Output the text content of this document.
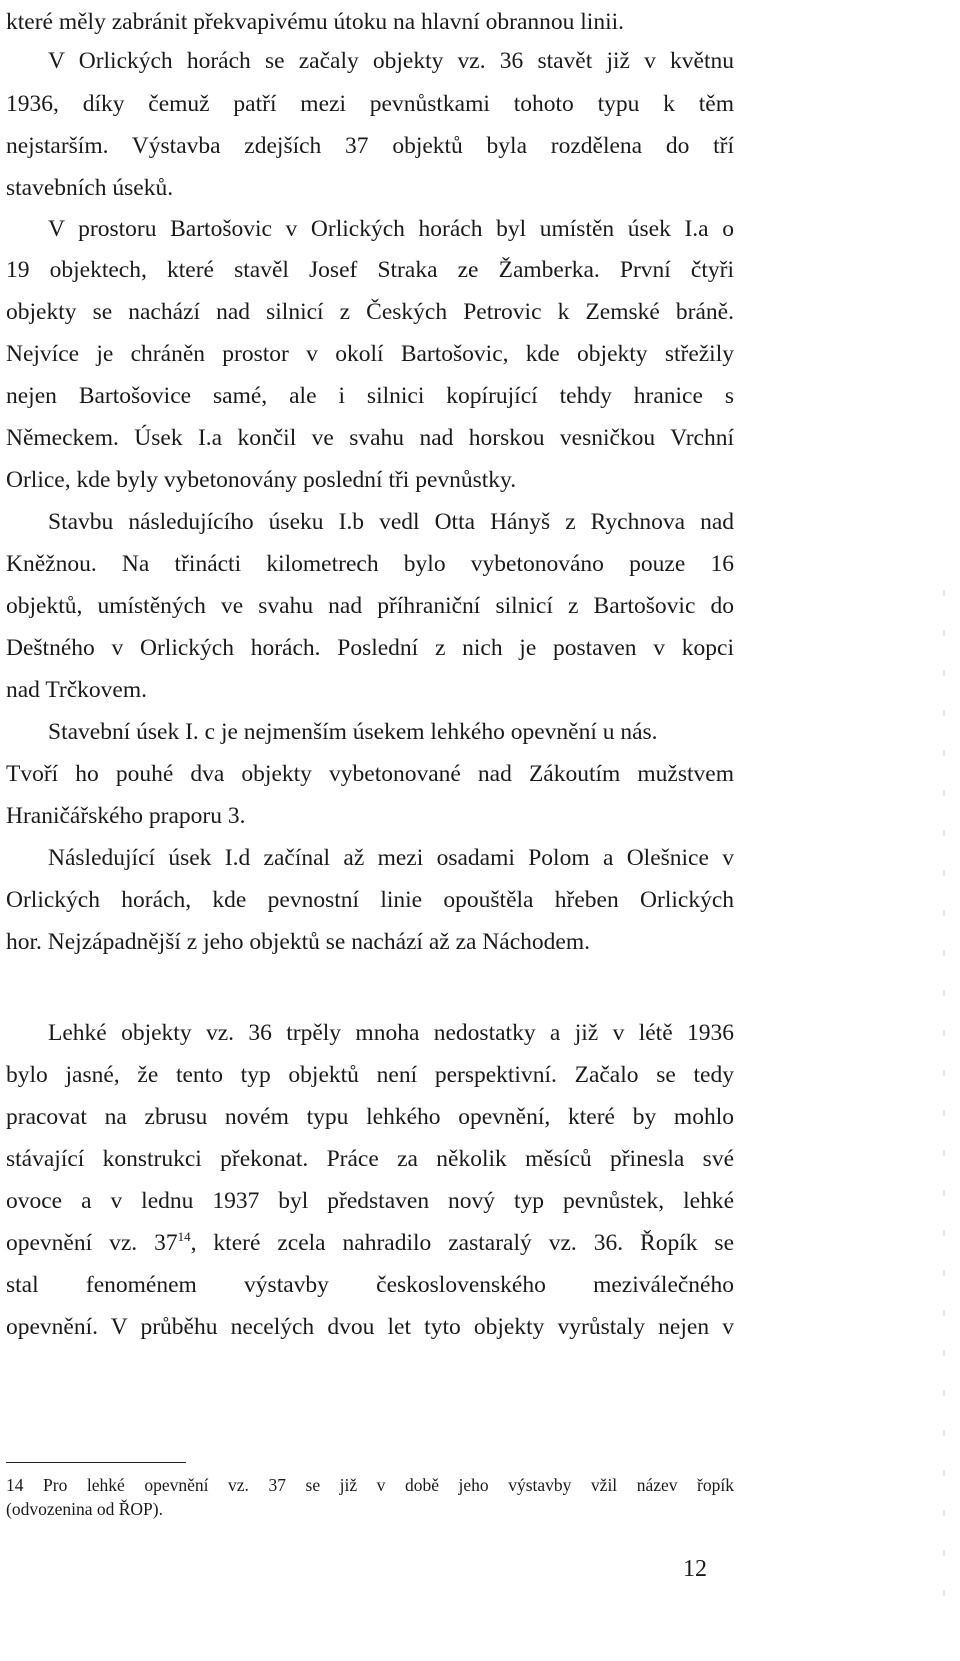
které měly zabránit překvapivému útoku na hlavní obrannou linii.

V Orlických horách se začaly objekty vz. 36 stavět již v květnu

1936, díky čemuž patří mezi pevnůstkami tohoto typu k těm

nejstarším. Výstavba zdejších 37 objektů byla rozdělena do tří

stavebních úseků.

V prostoru Bartošovic v Orlických horách byl umístěn úsek I.a o

19 objektech, které stavěl Josef Straka ze Žamberka. První čtyři

objekty se nachází nad silnicí z Českých Petrovic k Zemské bráně.

Nejvíce je chráněn prostor v okolí Bartošovic, kde objekty střežily

nejen Bartošovice samé, ale i silnici kopírující tehdy hranice s

Německem. Úsek I.a končil ve svahu nad horskou vesničkou Vrchní

Orlice, kde byly vybetonovány poslední tři pevnůstky.

Stavbu následujícího úseku I.b vedl Otta Hányš z Rychnova nad

Kněžnou. Na třinácti kilometrech bylo vybetonováno pouze 16

objektů, umístěných ve svahu nad příhraniční silnicí z Bartošovic do

Deštného v Orlických horách. Poslední z nich je postaven v kopci

nad Trčkovem.

Stavební úsek I. c je nejmenším úsekem lehkého opevnění u nás.

Tvoří ho pouhé dva objekty vybetonované nad Zákoutím mužstvem

Hraničářského praporu 3.

Následující úsek I.d začínal až mezi osadami Polom a Olešnice v

Orlických horách, kde pevnostní linie opouštěla hřeben Orlických

hor. Nejzápadnější z jeho objektů se nachází až za Náchodem.

Lehké objekty vz. 36 trpěly mnoha nedostatky a již v létě 1936

bylo jasné, že tento typ objektů není perspektivní. Začalo se tedy

pracovat na zbrusu novém typu lehkého opevnění, které by mohlo

stávající konstrukci překonat. Práce za několik měsíců přinesla své

ovoce a v lednu 1937 byl představen nový typ pevnůstek, lehké

opevnění vz. $37^{14}$, které zcela nahradilo zastaralý vz. 36. Řopík se

stal fenoménem výstavby československého meziválečného

opevnění. V průběhu necelých dvou let tyto objekty vyrůstaly nejen v

14 Pro lehké opevnění vz. 37 se již v době jeho výstavby vžil název řopík

(odvozenina od ŘOP).

12
